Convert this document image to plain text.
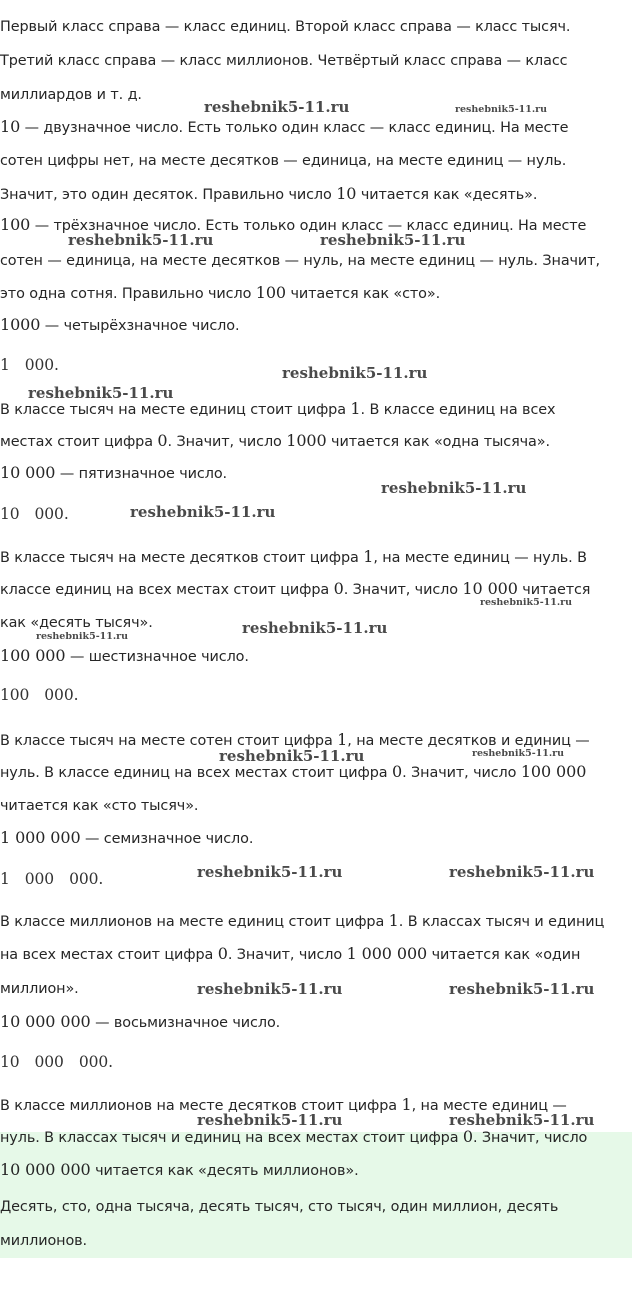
Первый класс справа — класс единиц. Второй класс справа — класс тысяч.
Третий класс справа — класс миллионов. Четвёртый класс справа — класс
миллиардов и т. д.
10 — двузначное число. Есть только один класс — класс единиц. На месте
сотен цифры нет, на месте десятков — единица, на месте единиц — нуль.
Значит, это один десяток. Правильно число 10 читается как «десять».
100 — трёхзначное число. Есть только один класс — класс единиц. На месте
сотен — единица, на месте десятков — нуль, на месте единиц — нуль. Значит,
это одна сотня. Правильно число 100 читается как «сто».
1000 — четырёхзначное число.
1 000.
В классе тысяч на месте единиц стоит цифра 1. В классе единиц на всех
местах стоит цифра 0. Значит, число 1000 читается как «одна тысяча».
10 000 — пятизначное число.
10 000.
В классе тысяч на месте десятков стоит цифра 1, на месте единиц — нуль. В
классе единиц на всех местах стоит цифра 0. Значит, число 10 000 читается
как «десять тысяч».
100 000 — шестизначное число.
100 000.
В классе тысяч на месте сотен стоит цифра 1, на месте десятков и единиц —
нуль. В классе единиц на всех местах стоит цифра 0. Значит, число 100 000
читается как «сто тысяч».
1 000 000 — семизначное число.
1 000 000.
В классе миллионов на месте единиц стоит цифра 1. В классах тысяч и единиц
на всех местах стоит цифра 0. Значит, число 1 000 000 читается как «один
миллион».
10 000 000 — восьмизначное число.
10 000 000.
В классе миллионов на месте десятков стоит цифра 1, на месте единиц —
нуль. В классах тысяч и единиц на всех местах стоит цифра 0. Значит, число
10 000 000 читается как «десять миллионов».
Десять, сто, одна тысяча, десять тысяч, сто тысяч, один миллион, десять
миллионов.
reshebnik5-11.ru	reshebnik5-11.ru
reshebnik5-11.ru	reshebnik5-11.ru
reshebnik5-11.ru
reshebnik5-11.ru
reshebnik5-11.ru
reshebnik5-11.ru
reshebnik5-11.ru
reshebnik5-11.ru
reshebnik5-11.ru
reshebnik5-11.ru	reshebnik5-11.ru
reshebnik5-11.ru	reshebnik5-11.ru
reshebnik5-11.ru	reshebnik5-11.ru
reshebnik5-11.ru	reshebnik5-11.ru
